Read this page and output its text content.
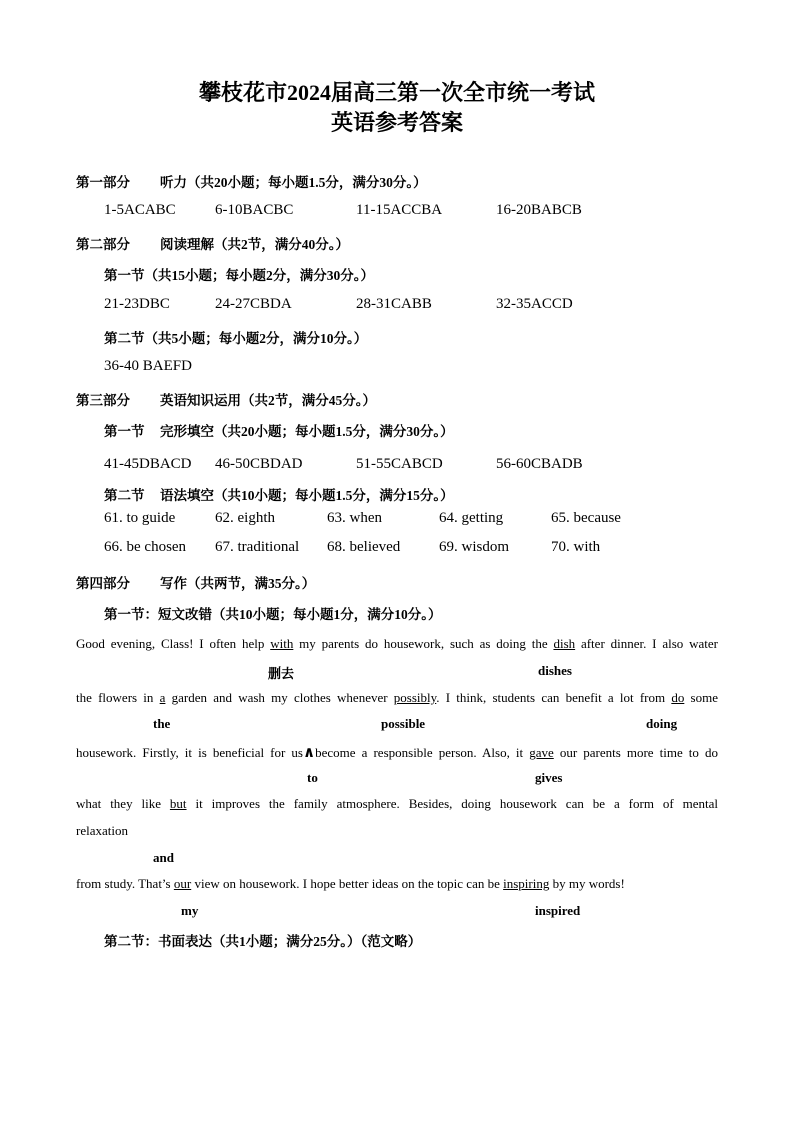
攀枝花市2024届高三第一次全市统一考试
英语参考答案
第一部分 听力（共20小题；每小题1.5分，满分30分。）
1-5ACABC	6-10BACBC	11-15ACCBA	16-20BABCB
第二部分 阅读理解（共2节，满分40分。）
第一节（共15小题；每小题2分，满分30分。）
21-23DBC	24-27CBDA	28-31CABB	32-35ACCD
第二节（共5小题；每小题2分，满分10分。）
36-40 BAEFD
第三部分 英语知识运用（共2节，满分45分。）
第一节 完形填空（共20小题；每小题1.5分，满分30分。）
41-45DBACD 46-50CBDAD	51-55CABCD	56-60CBADB
第二节 语法填空（共10小题；每小题1.5分，满分15分。）
61. to guide	62. eighth	63. when	64. getting	65. because
66. be chosen 67. traditional 68. believed	69. wisdom	70. with
第四部分 写作（共两节，满35分。）
第一节：短文改错（共10小题；每小题1分，满分10分。）
Good evening, Class! I often help with my parents do housework, such as doing the dish after dinner. I also water
删去	dishes
the flowers in a garden and wash my clothes whenever possibly. I think, students can benefit a lot from do some
the	possible	doing
housework. Firstly, it is beneficial for us∧become a responsible person. Also, it gave our parents more time to do
to	gives
what they like but it improves the family atmosphere. Besides, doing housework can be a form of mental
relaxation
and
from study. That’s our view on housework. I hope better ideas on the topic can be inspiring by my words!
my	inspired
第二节：书面表达（共1小题；满分25分。）（范文略）
